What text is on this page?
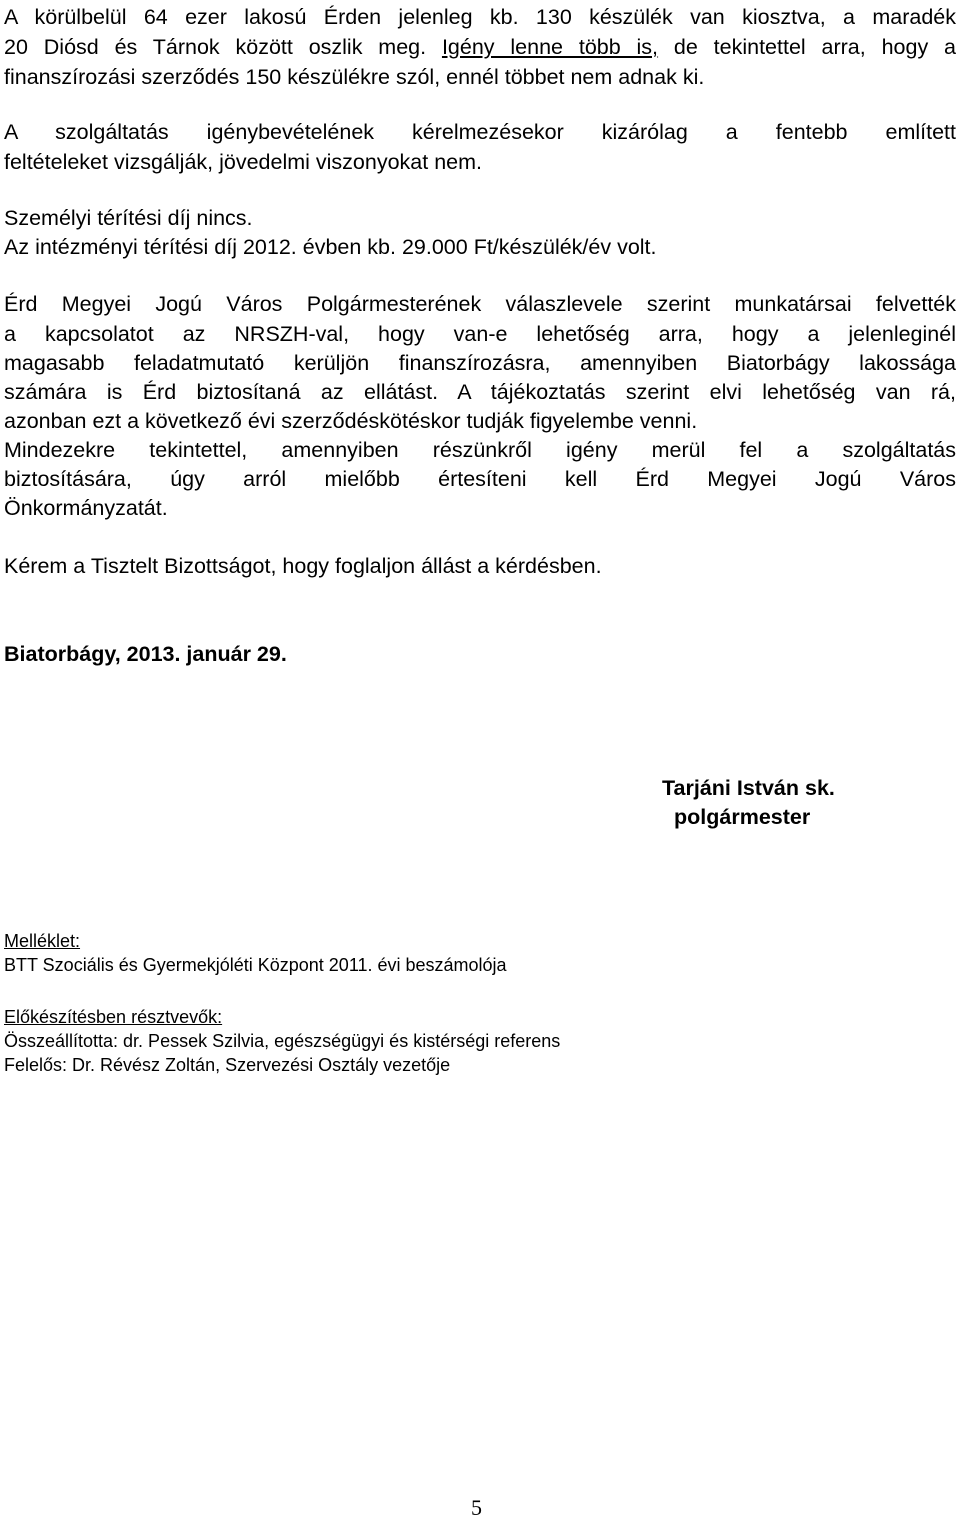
A körülbelül 64 ezer lakosú Érden jelenleg kb. 130 készülék van kiosztva, a maradék
20 Diósd és Tárnok között oszlik meg. Igény lenne több is, de tekintettel arra, hogy a
finanszírozási szerződés 150 készülékre szól, ennél többet nem adnak ki.
A szolgáltatás igénybevételének kérelmezésekor kizárólag a fentebb említett
feltételeket vizsgálják, jövedelmi viszonyokat nem.
Személyi térítési díj nincs.
Az intézményi térítési díj 2012. évben kb. 29.000 Ft/készülék/év volt.
Érd Megyei Jogú Város Polgármesterének válaszlevele szerint munkatársai felvették
a kapcsolatot az NRSZH-val, hogy van-e lehetőség arra, hogy a jelenleginél
magasabb feladatmutató kerüljön finanszírozásra, amennyiben Biatorbágy lakossága
számára is Érd biztosítaná az ellátást. A tájékoztatás szerint elvi lehetőség van rá,
azonban ezt a következő évi szerződéskötéskor tudják figyelembe venni.
Mindezekre tekintettel, amennyiben részünkről igény merül fel a szolgáltatás
biztosítására, úgy arról mielőbb értesíteni kell Érd Megyei Jogú Város
Önkormányzatát.
Kérem a Tisztelt Bizottságot, hogy foglaljon állást a kérdésben.
Biatorbágy, 2013. január 29.
Tarjáni István sk.
polgármester
Melléklet:
BTT Szociális és Gyermekjóléti Központ 2011. évi beszámolója
Előkészítésben résztvevők:
Összeállította: dr. Pessek Szilvia, egészségügyi és kistérségi referens
Felelős: Dr. Révész Zoltán, Szervezési Osztály vezetője
5
